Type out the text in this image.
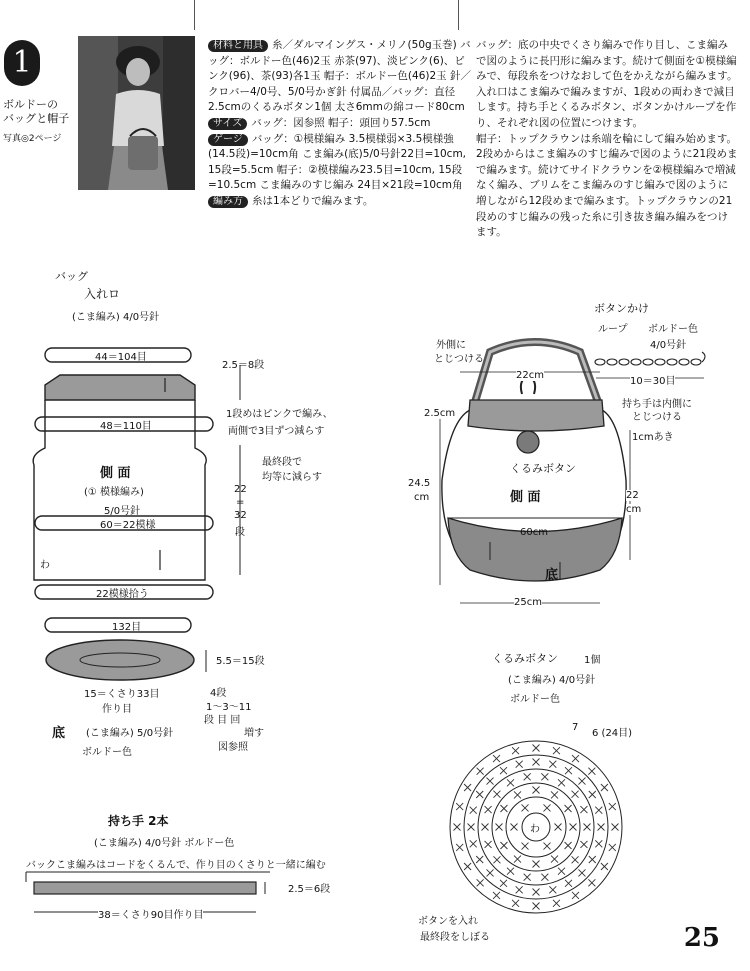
1
ボルドーの
バッグと帽子
写真◎2ページ

材料と用具 糸／ダルマイングス・メリノ(50g玉巻) バッグ：ボルドー色(46)2玉 赤茶(97)、淡ピンク(6)、ピンク(96)、茶(93)各1玉 帽子：ボルドー色(46)2玉 針／クロバー4/0号、5/0号かぎ針 付属品／バッグ：直径2.5cmのくるみボタン1個 太さ6mmの綿コード80cm

サイズ バッグ：図参照 帽子：頭回り57.5cm

ゲージ バッグ：①模様編み 3.5模様弱×3.5模様強(14.5段)=10cm角 こま編み(底)5/0号針22目=10cm, 15段=5.5cm 帽子：②模様編み23.5目=10cm, 15段=10.5cm こま編みのすじ編み 24目×21段=10cm角

編み方 糸は1本どりで編みます。

バッグ：底の中央でくさり編みで作り目し、こま編みで図のように長円形に編みます。続けて側面を①模様編みで、毎段糸をつけなおして色をかえながら編みます。入れ口はこま編みで編みますが、1段めの両わきで減目します。持ち手とくるみボタン、ボタンかけループを作り、それぞれ図の位置につけます。

帽子：トップクラウンは糸端を輪にして編み始めます。2段めからはこま編みのすじ編みで図のように21段めまで編みます。続けてサイドクラウンを②模様編みで増減なく編み、ブリムをこま編みのすじ編みで図のように増しながら12段めまで編みます。トップクラウンの21段めのすじ編みの残った糸に引き抜き編み編みをつけます。

バッグ
入れロ
(こま編み) 4/0号針
44＝104目
2.5＝8段
1段めはピンクで編み、
両側で3目ずつ減らす
48＝110目
側 面
(① 模様編み)
5/0号針
最終段で
均等に減らす
22
=
32
段
60＝22模様
わ
22模様拾う
132目
5.5＝15段
15＝くさり33目
作り目
4段
1～3～11
段 目 回
増す
図参照
底 (こま編み) 5/0号針
ボルドー色
持ち手 2本
(こま編み) 4/0号針 ボルドー色
バックこま編みはコードをくるんで、作り目のくさりと一緒に編む
2.5＝6段
38＝くさり90目作り目
外側に
とじつける
22cm
2.5cm
持ち手は内側に
とじつける
1cmあき
くるみボタン
側 面
24.5
cm	22
cm
60cm
底
25cm
ボタンかけ
ループ ボルドー色
4/0号針
10＝30目
くるみボタン	1個
(こま編み) 4/0号針
ボルドー色
7
6 (24目)
わ
ボタンを入れ
最終段をしぼる	25
